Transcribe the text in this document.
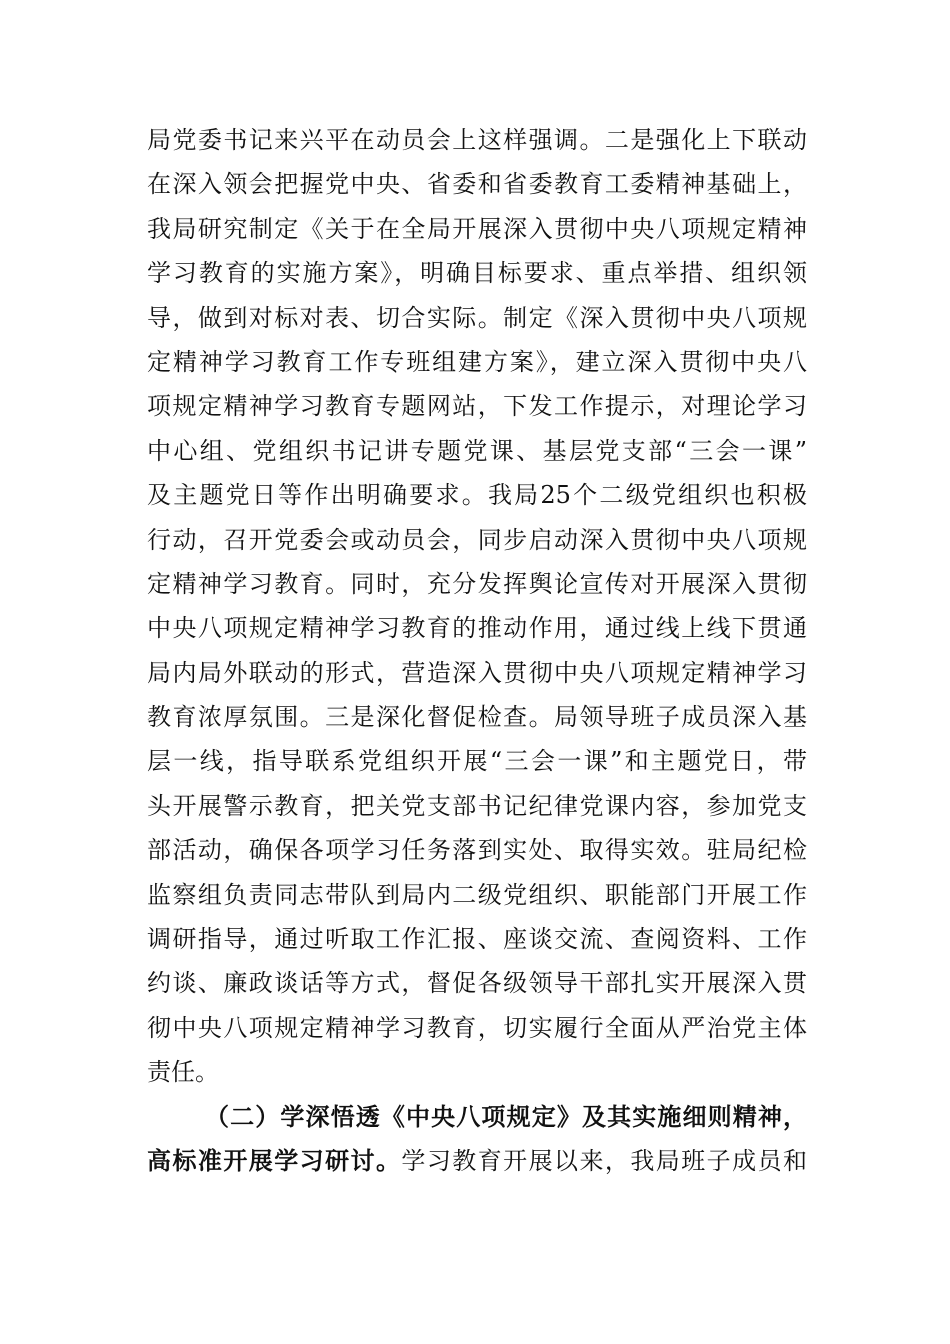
局党委书记来兴平在动员会上这样强调。二是强化上下联动
在深入领会把握党中央、省委和省委教育工委精神基础上，
我局研究制定《关于在全局开展深入贯彻中央八项规定精神
学习教育的实施方案》，明确目标要求、重点举措、组织领
导，做到对标对表、切合实际。制定《深入贯彻中央八项规
定精神学习教育工作专班组建方案》，建立深入贯彻中央八
项规定精神学习教育专题网站，下发工作提示，对理论学习
中心组、党组织书记讲专题党课、基层党支部“三会一课”
及主题党日等作出明确要求。我局25个二级党组织也积极
行动，召开党委会或动员会，同步启动深入贯彻中央八项规
定精神学习教育。同时，充分发挥舆论宣传对开展深入贯彻
中央八项规定精神学习教育的推动作用，通过线上线下贯通
局内局外联动的形式，营造深入贯彻中央八项规定精神学习
教育浓厚氛围。三是深化督促检查。局领导班子成员深入基
层一线，指导联系党组织开展“三会一课”和主题党日，带
头开展警示教育，把关党支部书记纪律党课内容，参加党支
部活动，确保各项学习任务落到实处、取得实效。驻局纪检
监察组负责同志带队到局内二级党组织、职能部门开展工作
调研指导，通过听取工作汇报、座谈交流、查阅资料、工作
约谈、廉政谈话等方式，督促各级领导干部扎实开展深入贯
彻中央八项规定精神学习教育，切实履行全面从严治党主体
责任。
（二）学深悟透《中央八项规定》及其实施细则精神，
高标准开展学习研讨。学习教育开展以来，我局班子成员和
